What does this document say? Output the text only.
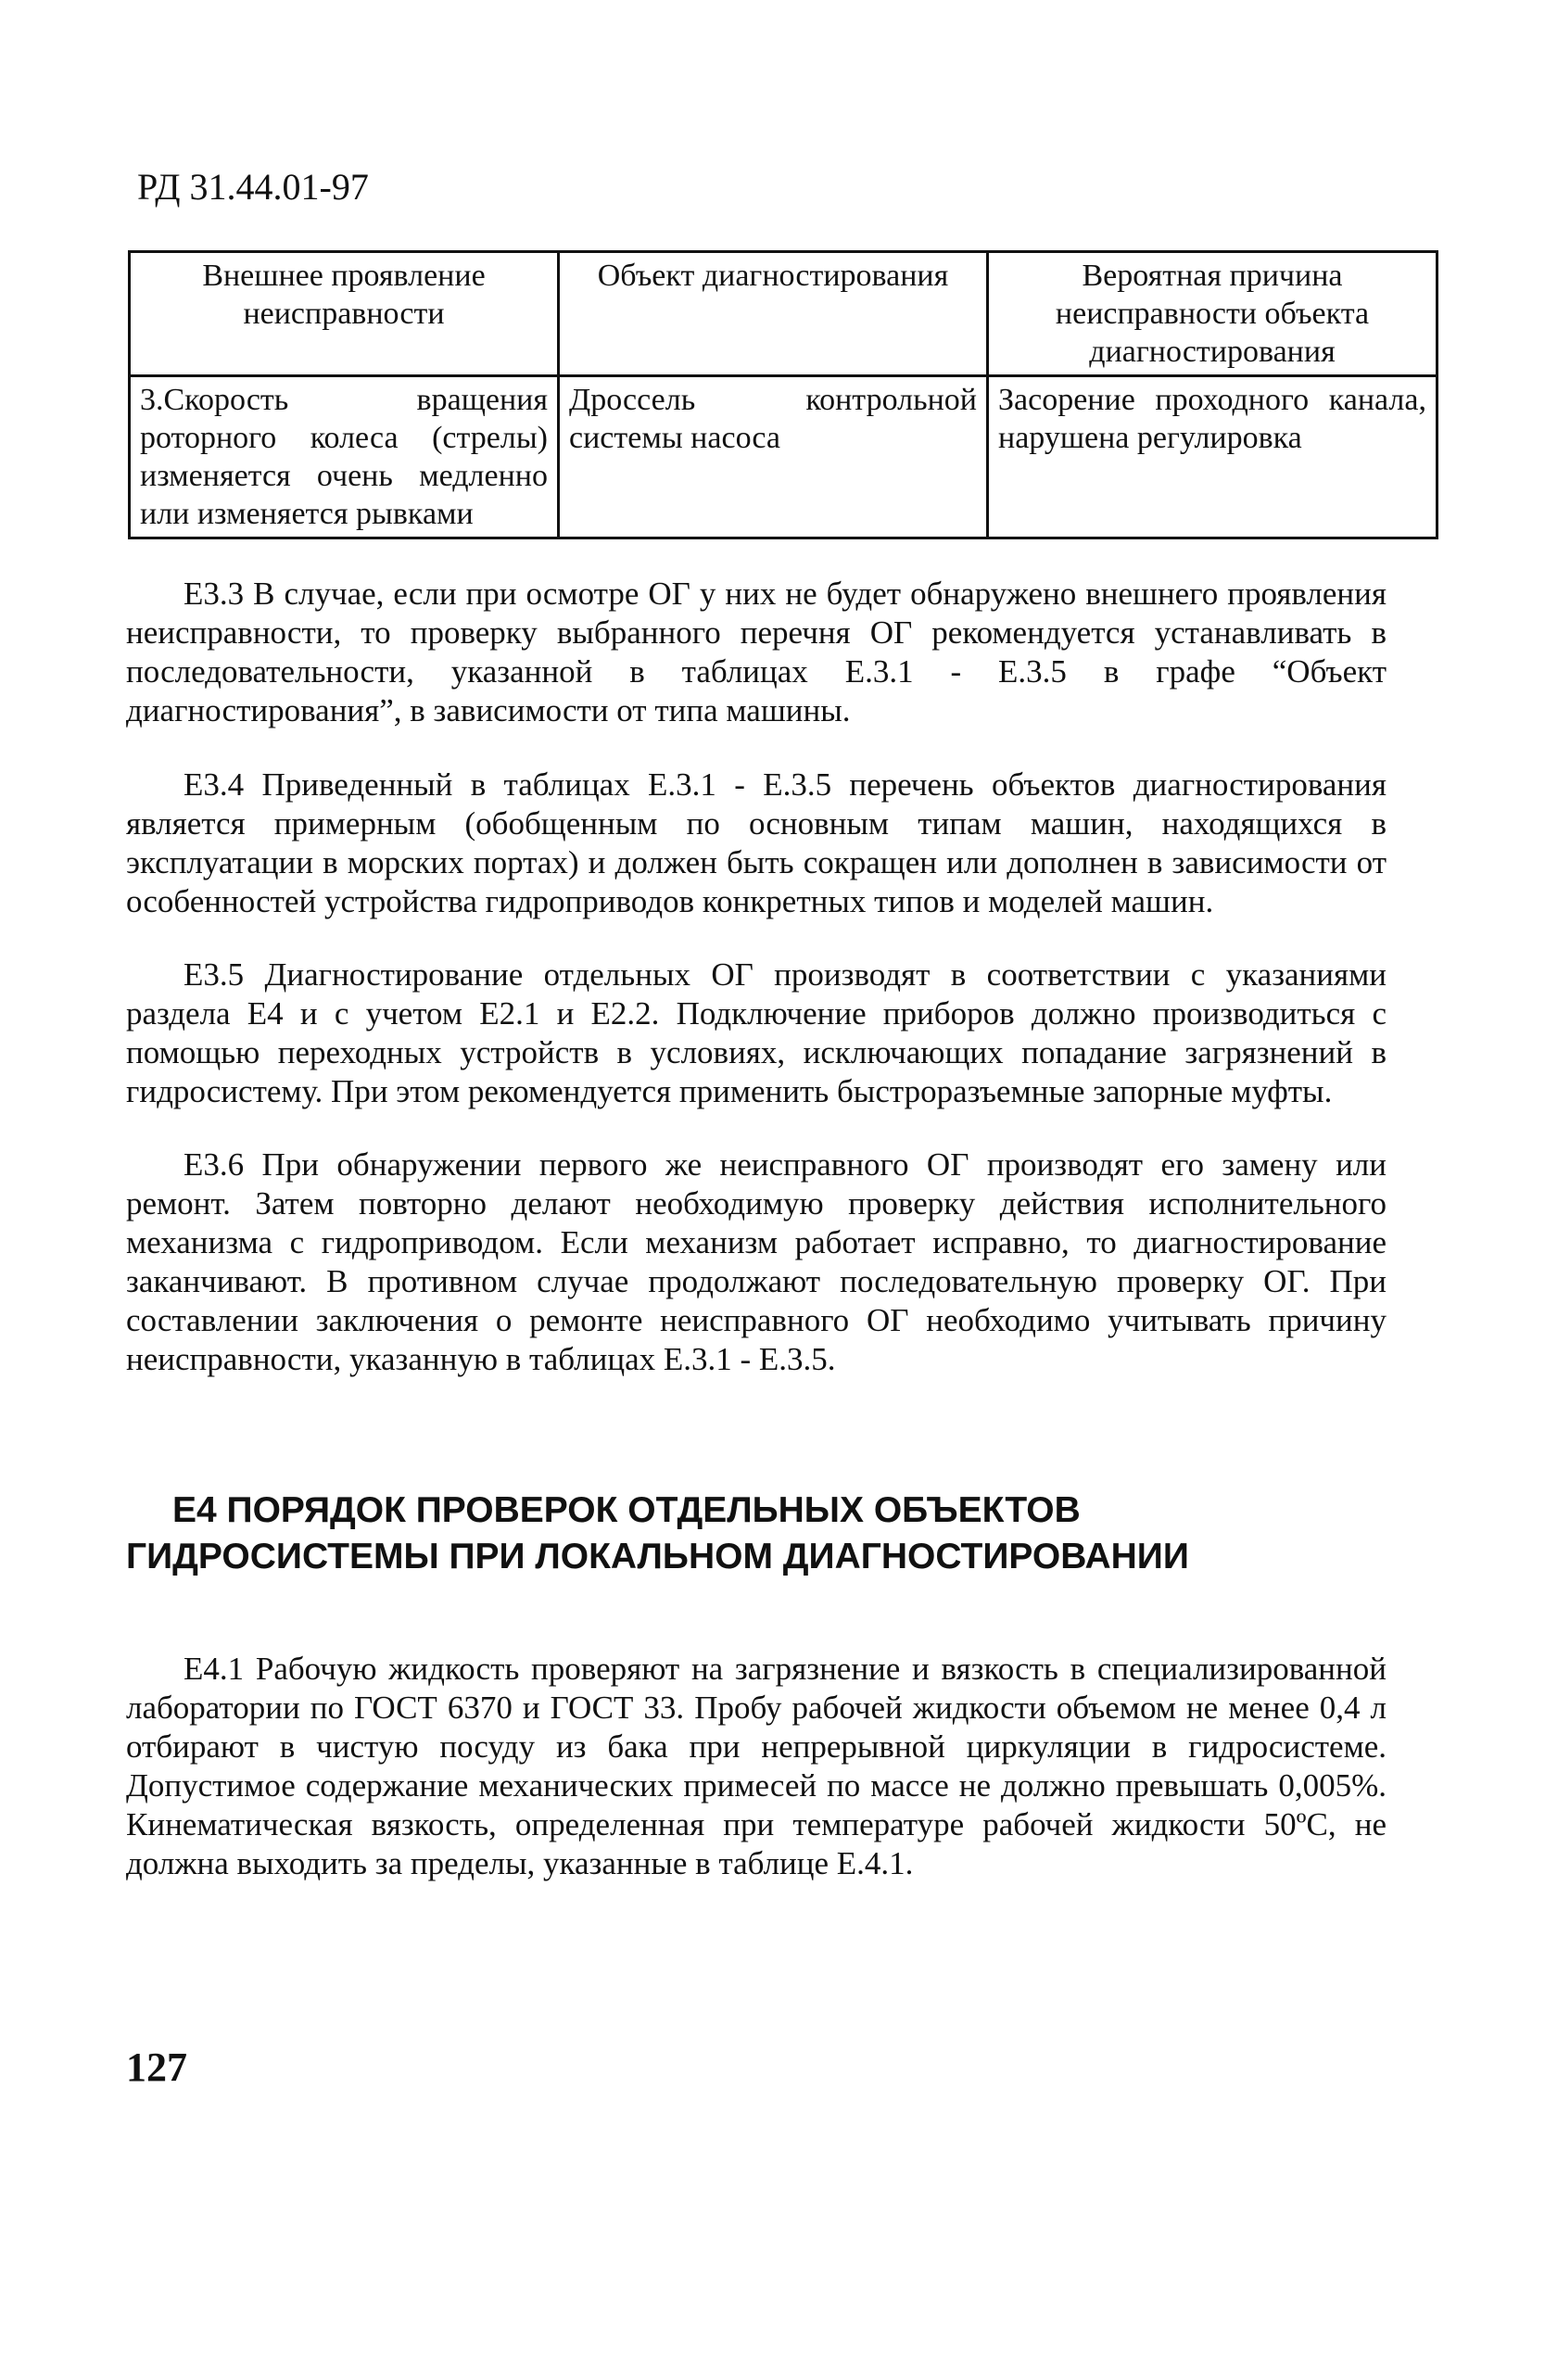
РД 31.44.01-97
Внешнее проявление неисправности	Объект диагностирования	Вероятная причина неисправности объекта диагностирования
3.Скорость вращения роторного колеса (стрелы) изменяется очень медленно или изменяется рывками	Дроссель контрольной системы насоса	Засорение проходного канала, нарушена регулировка

Е3.3 В случае, если при осмотре ОГ у них не будет обнаружено внешнего проявления неисправности, то проверку выбранного перечня ОГ рекомендуется устанавливать в последовательности, указанной в таблицах Е.3.1 - Е.3.5 в графе “Объект диагностирования”, в зависимости от типа машины.

Е3.4 Приведенный в таблицах Е.3.1 - Е.3.5 перечень объектов диагностирования является примерным (обобщенным по основным типам машин, находящихся в эксплуатации в морских портах) и должен быть сокращен или дополнен в зависимости от особенностей устройства гидроприводов конкретных типов и моделей машин.

Е3.5 Диагностирование отдельных ОГ производят в соответствии с указаниями раздела Е4 и с учетом Е2.1 и Е2.2. Подключение приборов должно производиться с помощью переходных устройств в условиях, исключающих попадание загрязнений в гидросистему. При этом рекомендуется применить быстроразъемные запорные муфты.

Е3.6 При обнаружении первого же неисправного ОГ производят его замену или ремонт. Затем повторно делают необходимую проверку действия исполнительного механизма с гидроприводом. Если механизм работает исправно, то диагностирование заканчивают. В противном случае продолжают последовательную проверку ОГ. При составлении заключения о ремонте неисправного ОГ необходимо учитывать причину неисправности, указанную в таблицах Е.3.1 - Е.3.5.

Е4 ПОРЯДОК ПРОВЕРОК ОТДЕЛЬНЫХ ОБЪЕКТОВ ГИДРОСИСТЕМЫ ПРИ ЛОКАЛЬНОМ ДИАГНОСТИРОВАНИИ

Е4.1 Рабочую жидкость проверяют на загрязнение и вязкость в специализированной лаборатории по ГОСТ 6370 и ГОСТ 33. Пробу рабочей жидкости объемом не менее 0,4 л отбирают в чистую посуду из бака при непрерывной циркуляции в гидросистеме. Допустимое содержание механических примесей по массе не должно превышать 0,005%. Кинематическая вязкость, определенная при температуре рабочей жидкости 50ºС, не должна выходить за пределы, указанные в таблице Е.4.1.

127
